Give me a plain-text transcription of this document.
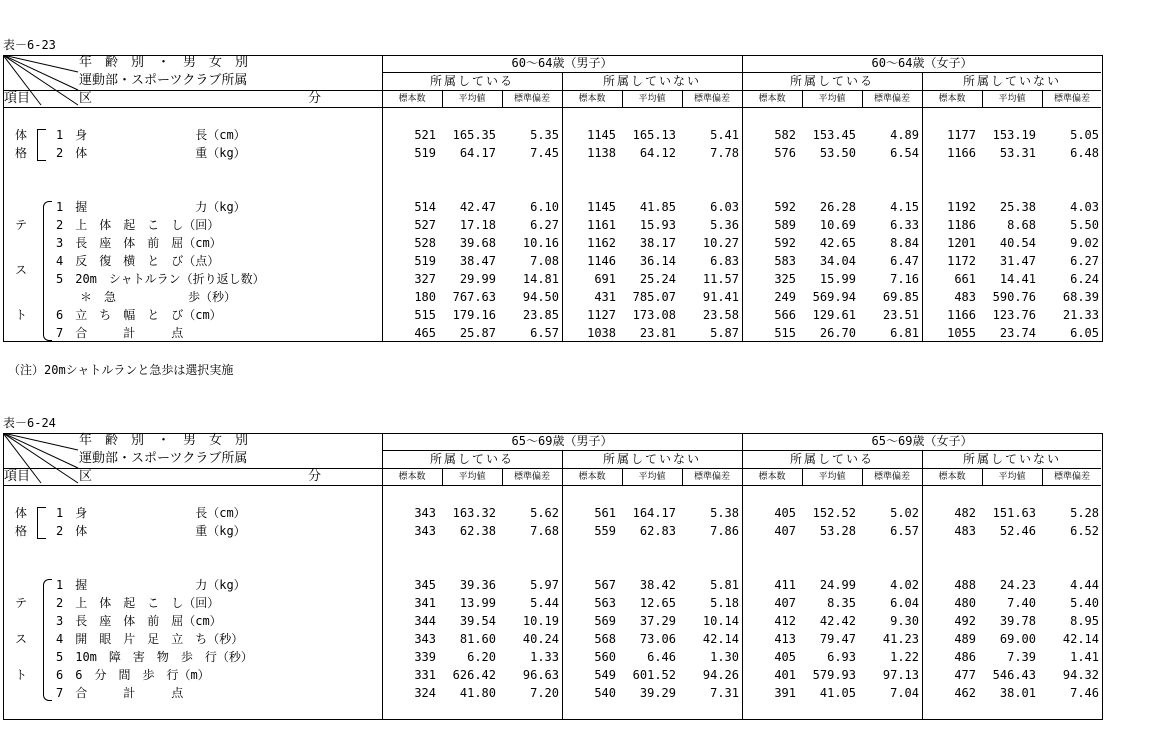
表－6-23
年　齢　別　・　男　女　別
運動部・スポーツクラブ所属
区	分
項目
60～64歳（男子）	60～64歳（女子）
所属している	所属していない	所属している	所属していない
標本数	平均値	標準偏差	標本数	平均値	標準偏差	標本数	平均値	標準偏差	標本数	平均値	標準偏差
1　身　　　　　　　　　長（cm）	521	165.35	5.35	1145	165.13	5.41	582	153.45	4.89	1177	153.19	5.05
2　体　　　　　　　　　重（kg）	519	64.17	7.45	1138	64.12	7.78	576	53.50	6.54	1166	53.31	6.48
1　握　　　　　　　　　力（kg）	514	42.47	6.10	1145	41.85	6.03	592	26.28	4.15	1192	25.38	4.03
2　上　体　起　こ　し（回）	527	17.18	6.27	1161	15.93	5.36	589	10.69	6.33	1186	8.68	5.50
3　長　座　体　前　屈（cm）	528	39.68	10.16	1162	38.17	10.27	592	42.65	8.84	1201	40.54	9.02
4　反　復　横　と　び（点）	519	38.47	7.08	1146	36.14	6.83	583	34.04	6.47	1172	31.47	6.27
5　20m　シャトルラン（折り返し数）	327	29.99	14.81	691	25.24	11.57	325	15.99	7.16	661	14.41	6.24
　　＊　急　　　　　　歩（秒）	180	767.63	94.50	431	785.07	91.41	249	569.94	69.85	483	590.76	68.39
6　立　ち　幅　と　び（cm）	515	179.16	23.85	1127	173.08	23.58	566	129.61	23.51	1166	123.76	21.33
7　合　　　計　　　点	465	25.87	6.57	1038	23.81	5.87	515	26.70	6.81	1055	23.74	6.05
体
格
テ
ス
ト
（注）20mシャトルランと急歩は選択実施
表－6-24
年　齢　別　・　男　女　別
運動部・スポーツクラブ所属
区	分
項目
65～69歳（男子）	65～69歳（女子）
所属している	所属していない	所属している	所属していない
標本数	平均値	標準偏差	標本数	平均値	標準偏差	標本数	平均値	標準偏差	標本数	平均値	標準偏差
1　身　　　　　　　　　長（cm）	343	163.32	5.62	561	164.17	5.38	405	152.52	5.02	482	151.63	5.28
2　体　　　　　　　　　重（kg）	343	62.38	7.68	559	62.83	7.86	407	53.28	6.57	483	52.46	6.52
1　握　　　　　　　　　力（kg）	345	39.36	5.97	567	38.42	5.81	411	24.99	4.02	488	24.23	4.44
2　上　体　起　こ　し（回）	341	13.99	5.44	563	12.65	5.18	407	8.35	6.04	480	7.40	5.40
3　長　座　体　前　屈（cm）	344	39.54	10.19	569	37.29	10.14	412	42.42	9.30	492	39.78	8.95
4　開　眼　片　足　立　ち（秒）	343	81.60	40.24	568	73.06	42.14	413	79.47	41.23	489	69.00	42.14
5　10m　障　害　物　歩　行（秒）	339	6.20	1.33	560	6.46	1.30	405	6.93	1.22	486	7.39	1.41
6　6　分　間　歩　行（m）	331	626.42	96.63	549	601.52	94.26	401	579.93	97.13	477	546.43	94.32
7　合　　　計　　　点	324	41.80	7.20	540	39.29	7.31	391	41.05	7.04	462	38.01	7.46
体
格
テ
ス
ト
